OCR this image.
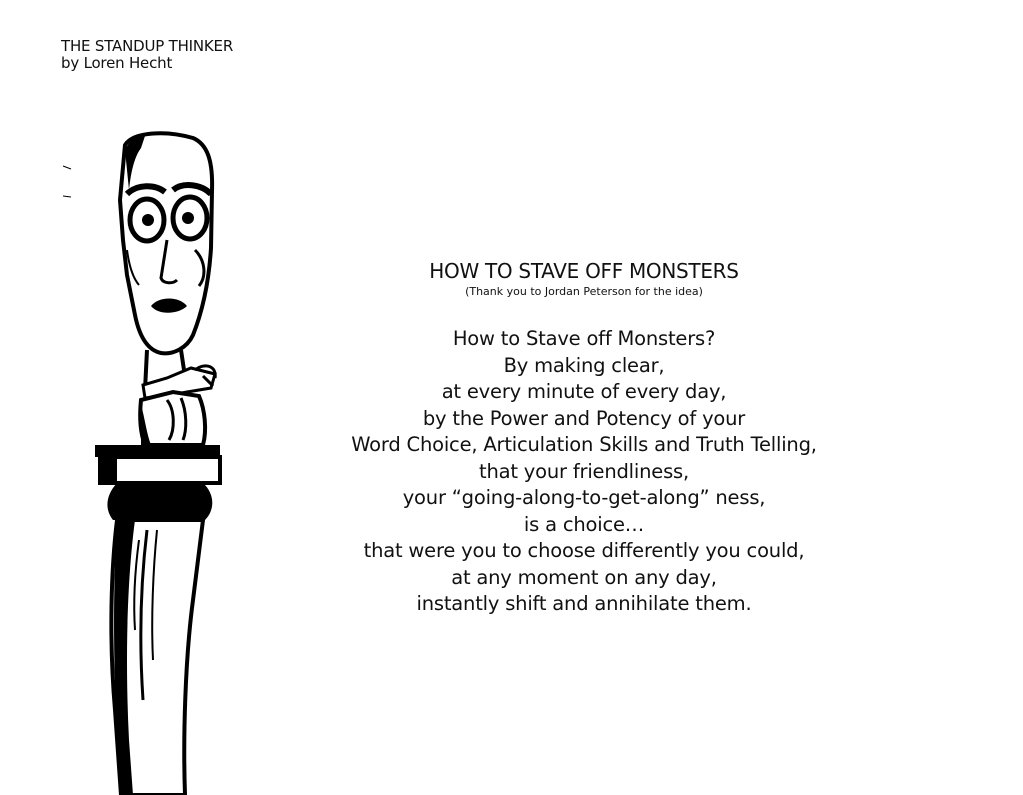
THE STANDUP THINKER
by Loren Hecht
HOW TO STAVE OFF MONSTERS
(Thank you to Jordan Peterson for the idea)
How to Stave off Monsters?
By making clear,
at every minute of every day,
by the Power and Potency of your
Word Choice, Articulation Skills and Truth Telling,
that your friendliness,
your “going-along-to-get-along” ness,
is a choice…
that were you to choose differently you could,
at any moment on any day,
instantly shift and annihilate them.
